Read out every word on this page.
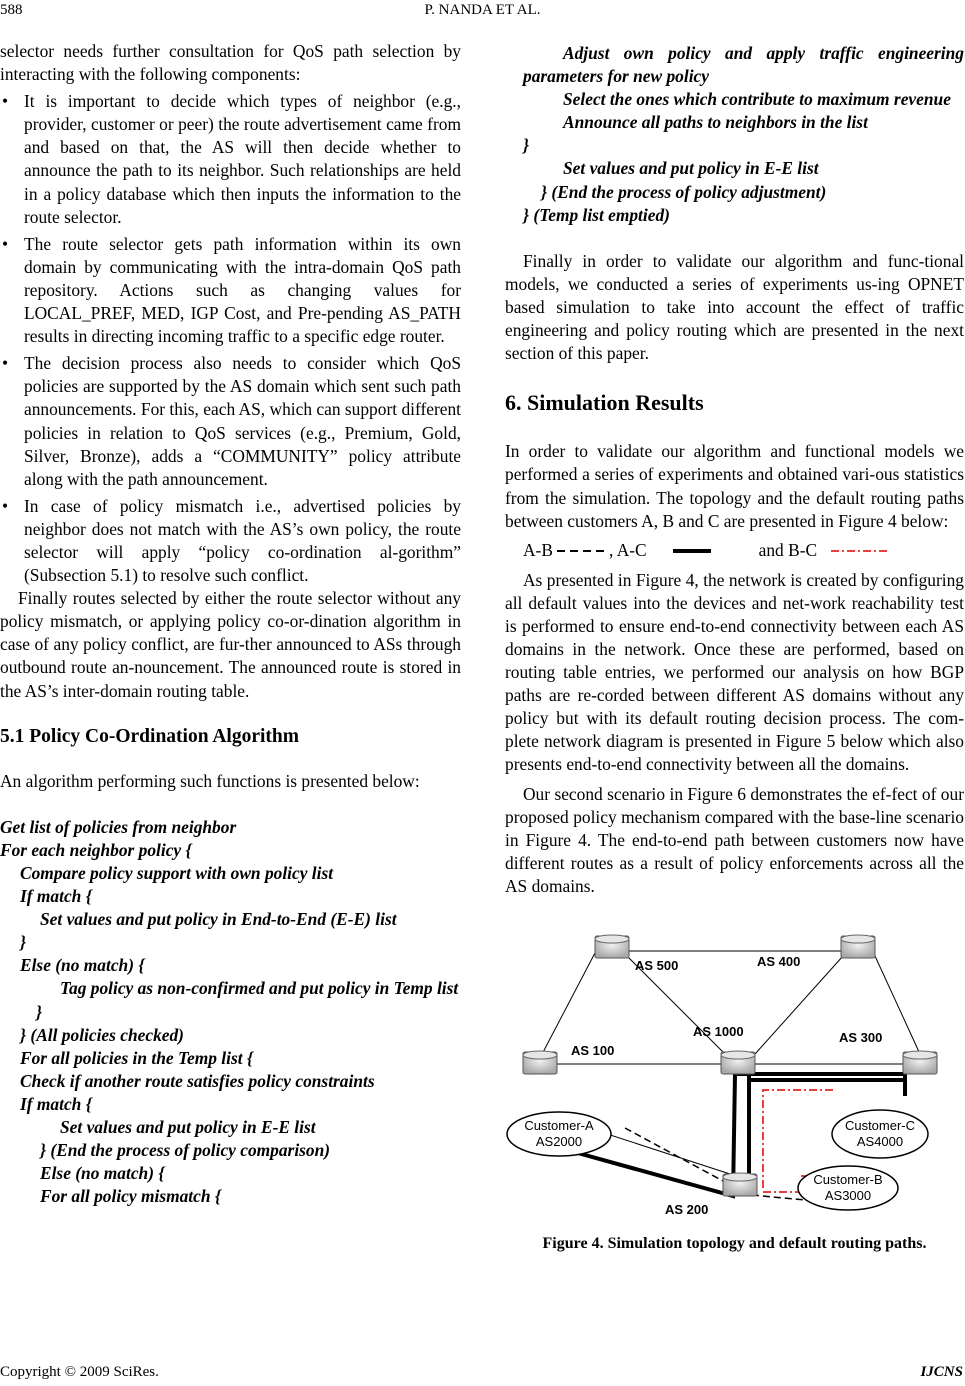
588	P. NANDA ET AL.

selector needs further consultation for QoS path selection by interacting with the following components:

• It is important to decide which types of neighbor (e.g., provider, customer or peer) the route advertisement came from and based on that, the AS will then decide whether to announce the path to its neighbor. Such relationships are held in a policy database which then inputs the information to the route selector.
• The route selector gets path information within its own domain by communicating with the intra-domain QoS path repository. Actions such as changing values for LOCAL_PREF, MED, IGP Cost, and Pre-pending AS_PATH results in directing incoming traffic to a specific edge router.
• The decision process also needs to consider which QoS policies are supported by the AS domain which sent such path announcements. For this, each AS, which can support different policies in relation to QoS services (e.g., Premium, Gold, Silver, Bronze), adds a “COMMUNITY” policy attribute along with the path announcement.
• In case of policy mismatch i.e., advertised policies by neighbor does not match with the AS’s own policy, the route selector will apply “policy co-ordination al-gorithm” (Subsection 5.1) to resolve such conflict.

Finally routes selected by either the route selector without any policy mismatch, or applying policy co-or-dination algorithm in case of any policy conflict, are fur-ther announced to ASs through outbound route an-nouncement. The announced route is stored in the AS’s inter-domain routing table.

5.1 Policy Co-Ordination Algorithm

An algorithm performing such functions is presented below:

Get list of policies from neighbor
For each neighbor policy {
Compare policy support with own policy list
If match {
Set values and put policy in End-to-End (E-E) list
}
Else (no match) {
Tag policy as non-confirmed and put policy in Temp list
}
} (All policies checked)
For all policies in the Temp list {
Check if another route satisfies policy constraints
If match {
Set values and put policy in E-E list
} (End the process of policy comparison)
Else (no match) {
For all policy mismatch {
Adjust own policy and apply traffic engineering parameters for new policy
Select the ones which contribute to maximum revenue
Announce all paths to neighbors in the list
}
Set values and put policy in E-E list
} (End the process of policy adjustment)
} (Temp list emptied)

Finally in order to validate our algorithm and func-tional models, we conducted a series of experiments us-ing OPNET based simulation to take into account the effect of traffic engineering and policy routing which are presented in the next section of this paper.

6. Simulation Results

In order to validate our algorithm and functional models we performed a series of experiments and obtained vari-ous statistics from the simulation. The topology and the default routing paths between customers A, B and C are presented in Figure 4 below:

A-B	, A-C	and B-C

As presented in Figure 4, the network is created by configuring all default values into the devices and net-work reachability test is performed to ensure end-to-end connectivity between each AS domains in the network. Once these are performed, based on routing table entries, we performed our analysis on how BGP paths are re-corded between different AS domains without any policy but with its default routing decision process. The com-plete network diagram is presented in Figure 5 below which also presents end-to-end connectivity between all the domains.

Our second scenario in Figure 6 demonstrates the ef-fect of our proposed policy mechanism compared with the base-line scenario in Figure 4. The end-to-end path between customers now have different routes as a result of policy enforcements across all the AS domains.

AS 500	AS 400
AS 1000	AS 300
AS 100
AS 200
Customer-A
AS2000
Customer-C
AS4000
Customer-B
AS3000
Figure 4. Simulation topology and default routing paths.
Copyright © 2009 SciRes.	IJCNS
